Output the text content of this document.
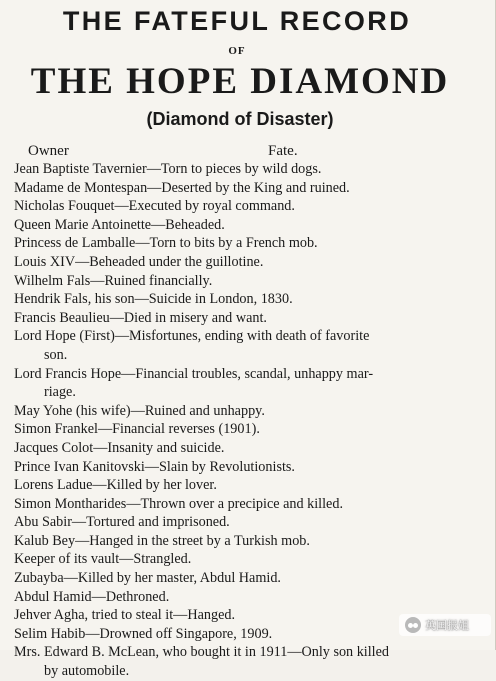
THE FATEFUL RECORD
OF
THE HOPE DIAMOND
(Diamond of Disaster)
Owner	Fate.
Jean Baptiste Tavernier—Torn to pieces by wild dogs.
Madame de Montespan—Deserted by the King and ruined.
Nicholas Fouquet—Executed by royal command.
Queen Marie Antoinette—Beheaded.
Princess de Lamballe—Torn to bits by a French mob.
Louis XIV—Beheaded under the guillotine.
Wilhelm Fals—Ruined financially.
Hendrik Fals, his son—Suicide in London, 1830.
Francis Beaulieu—Died in misery and want.
Lord Hope (First)—Misfortunes, ending with death of favorite
son.
Lord Francis Hope—Financial troubles, scandal, unhappy mar-
riage.
May Yohe (his wife)—Ruined and unhappy.
Simon Frankel—Financial reverses (1901).
Jacques Colot—Insanity and suicide.
Prince Ivan Kanitovski—Slain by Revolutionists.
Lorens Ladue—Killed by her lover.
Simon Montharides—Thrown over a precipice and killed.
Abu Sabir—Tortured and imprisoned.
Kalub Bey—Hanged in the street by a Turkish mob.
Keeper of its vault—Strangled.
Zubayba—Killed by her master, Abdul Hamid.
Abdul Hamid—Dethroned.
Jehver Agha, tried to steal it—Hanged.
Selim Habib—Drowned off Singapore, 1909.
Mrs. Edward B. McLean, who bought it in 1911—Only son killed
by automobile.
英国报姐
